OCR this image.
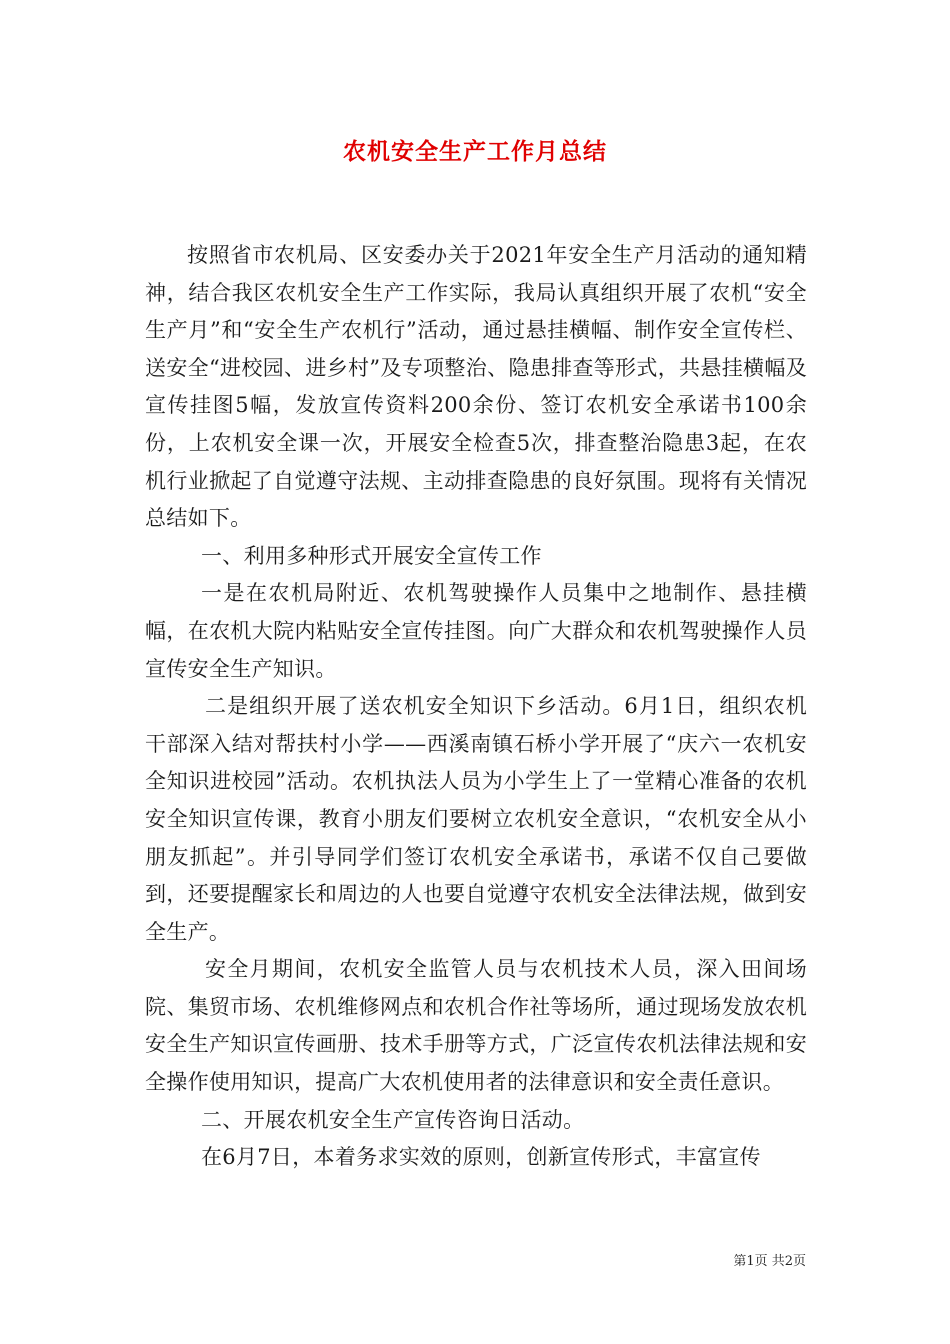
农机安全生产工作月总结

按照省市农机局、区安委办关于2021年安全生产月活动的通知精神，结合我区农机安全生产工作实际，我局认真组织开展了农机“安全生产月”和“安全生产农机行”活动，通过悬挂横幅、制作安全宣传栏、送安全“进校园、进乡村”及专项整治、隐患排查等形式，共悬挂横幅及宣传挂图5幅，发放宣传资料200余份、签订农机安全承诺书100余份，上农机安全课一次，开展安全检查5次，排查整治隐患3起，在农机行业掀起了自觉遵守法规、主动排查隐患的良好氛围。现将有关情况总结如下。

一、利用多种形式开展安全宣传工作

一是在农机局附近、农机驾驶操作人员集中之地制作、悬挂横幅，在农机大院内粘贴安全宣传挂图。向广大群众和农机驾驶操作人员宣传安全生产知识。

二是组织开展了送农机安全知识下乡活动。6月1日，组织农机干部深入结对帮扶村小学——西溪南镇石桥小学开展了“庆六一农机安全知识进校园”活动。农机执法人员为小学生上了一堂精心准备的农机安全知识宣传课，教育小朋友们要树立农机安全意识，“农机安全从小朋友抓起”。并引导同学们签订农机安全承诺书，承诺不仅自己要做到，还要提醒家长和周边的人也要自觉遵守农机安全法律法规，做到安全生产。

安全月期间，农机安全监管人员与农机技术人员，深入田间场院、集贸市场、农机维修网点和农机合作社等场所，通过现场发放农机安全生产知识宣传画册、技术手册等方式，广泛宣传农机法律法规和安全操作使用知识，提高广大农机使用者的法律意识和安全责任意识。

二、开展农机安全生产宣传咨询日活动。

在6月7日，本着务求实效的原则，创新宣传形式，丰富宣传

第1页 共2页
